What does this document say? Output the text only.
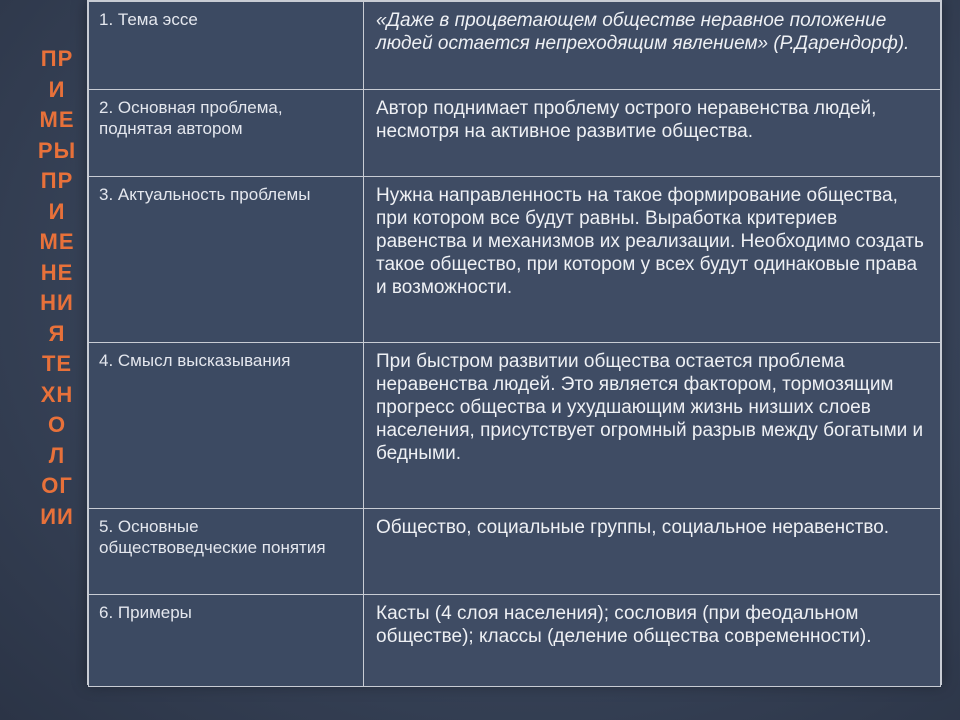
ПР
И
МЕ
РЫ
ПР
И
МЕ
НЕ
НИ
Я
ТЕ
ХН
О
Л
ОГ
ИИ
1. Тема эссе	«Даже в процветающем обществе неравное положение людей остается непреходящим явлением» (Р.Дарендорф).
2. Основная проблема, поднятая автором	Автор поднимает проблему острого неравенства людей, несмотря на активное развитие общества.
3. Актуальность проблемы	Нужна направленность на такое формирование общества, при котором все будут равны. Выработка критериев равенства и механизмов их реализации. Необходимо создать такое общество, при котором у всех будут одинаковые права и возможности.
4. Смысл высказывания	При быстром развитии общества остается проблема неравенства людей. Это является фактором, тормозящим прогресс общества и ухудшающим жизнь низших слоев населения, присутствует огромный разрыв между богатыми и бедными.
5. Основные обществоведческие понятия	Общество, социальные группы, социальное неравенство.
6. Примеры	Касты (4 слоя населения); сословия (при феодальном обществе); классы (деление общества современности).
